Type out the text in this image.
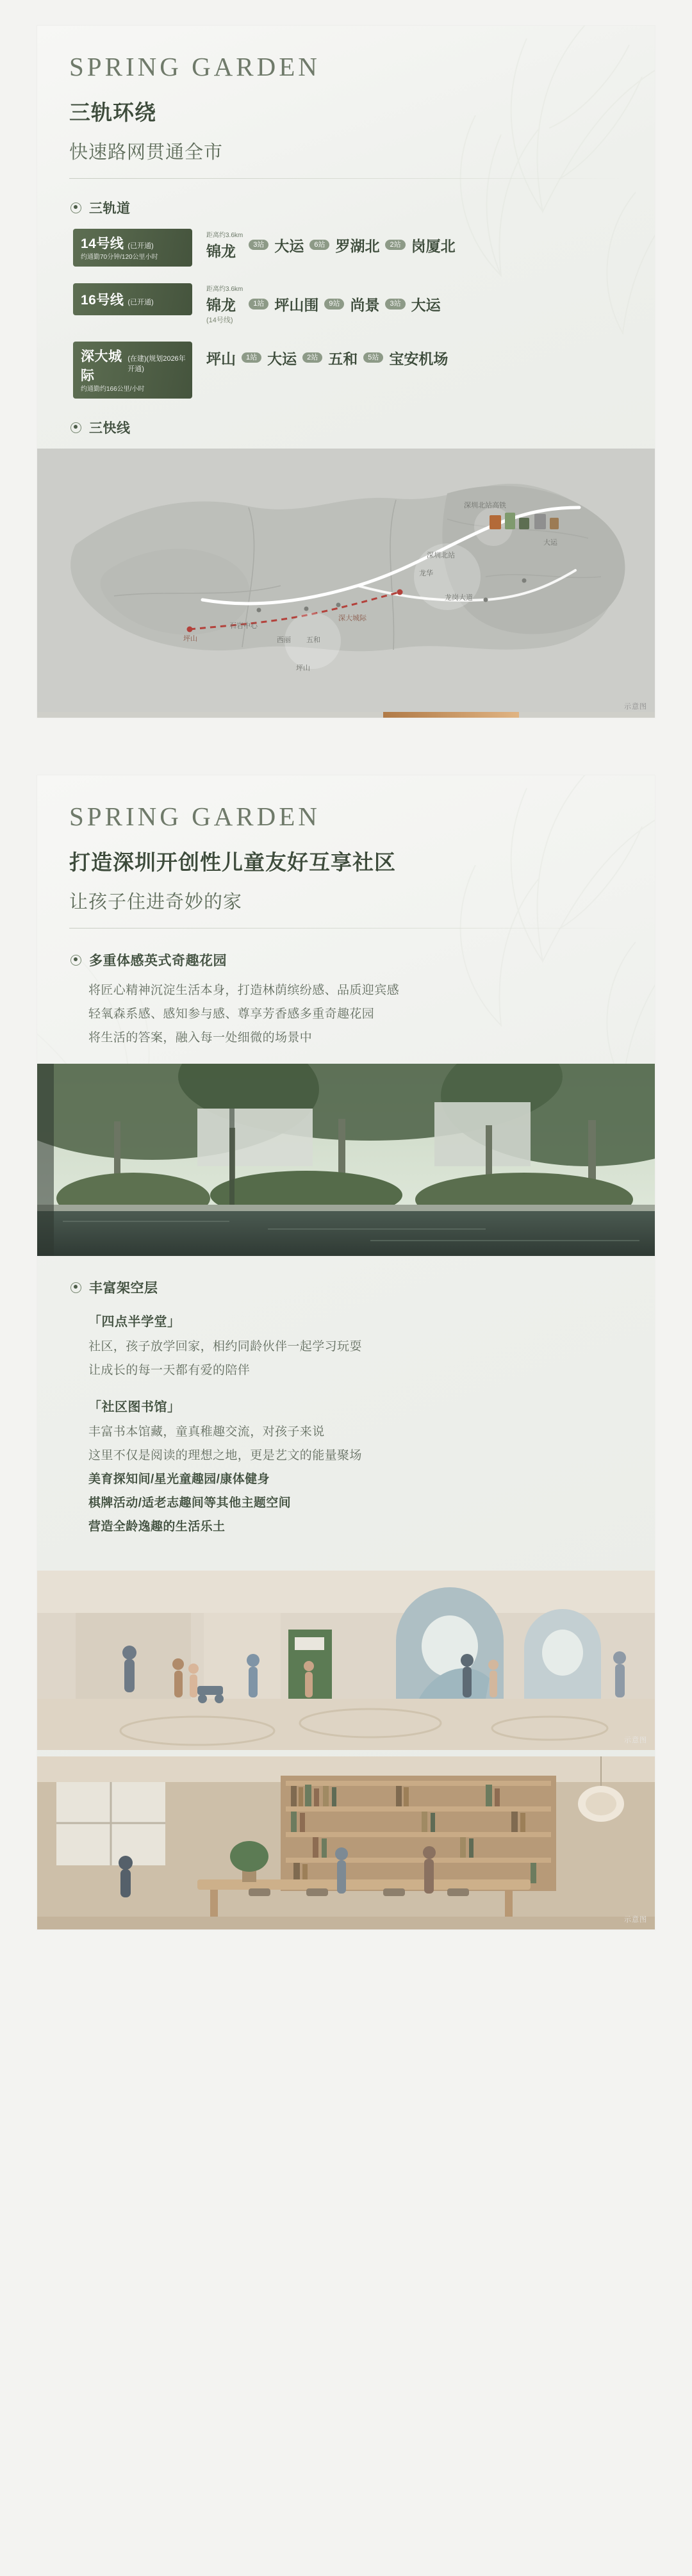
SPRING GARDEN
三轨环绕
快速路网贯通全市
三轨道
14号线 (已开通)
约通勤70分钟/120公里小时
距离约3.6km
锦龙	3站 大运	6站 罗湖北	2站 岗厦北
16号线 (已开通)
距离约3.6km
锦龙
(14号线)
1站 坪山围	9站 尚景	3站 大运
深大城际
(在建)(规划2026年开通)
约通勤约166公里/小时
坪山	1站 大运	2站 五和	5站 宝安机场
三快线
深圳北站高铁
石岩中心
西丽 五和
龙华
深圳北站
深大城际
龙岗大道
坪山
坪山
大运
示意图
SPRING GARDEN
打造深圳开创性儿童友好互享社区
让孩子住进奇妙的家
多重体感英式奇趣花园
将匠心精神沉淀生活本身，打造林荫缤纷感、品质迎宾感
轻氧森系感、感知参与感、尊享芳香感多重奇趣花园
将生活的答案，融入每一处细微的场景中
丰富架空层
「四点半学堂」
社区，孩子放学回家，相约同龄伙伴一起学习玩耍
让成长的每一天都有爱的陪伴
「社区图书馆」
丰富书本馆藏，童真稚趣交流，对孩子来说
这里不仅是阅读的理想之地，更是艺文的能量聚场
美育探知间/星光童趣园/康体健身
棋牌活动/适老志趣间等其他主题空间
营造全龄逸趣的生活乐土
示意图
示意图
